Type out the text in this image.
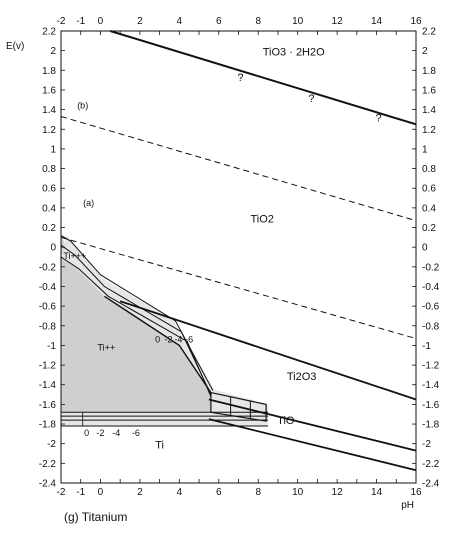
-2
-2
-1
-1
0
0
2
2
4
4
6
6
8
8
10
10
12
12
14
14
16
16
2.2	2.2
2	2
1.8	1.8
1.6	1.6
1.4	1.4
1.2	1.2
1	1
0.8	0.8
0.6	0.6
0.4	0.4
0.2	0.2
0	0
-0.2	-0.2
-0.4	-0.4
-0.6	-0.6
-0.8	-0.8
-1	-1
-1.2	-1.2
-1.4	-1.4
-1.6	-1.6
-1.8	-1.8
-2	-2
-2.2	-2.2
-2.4	-2.4
E(v)
pH
TiO3 · 2H2O
TiO2
Ti2O3
TiO
Ti
Ti+++
Ti++
(a)
(b)
?
?
?
0 -2 -4 -6
0 -2 -4 -6
(g) Titanium
